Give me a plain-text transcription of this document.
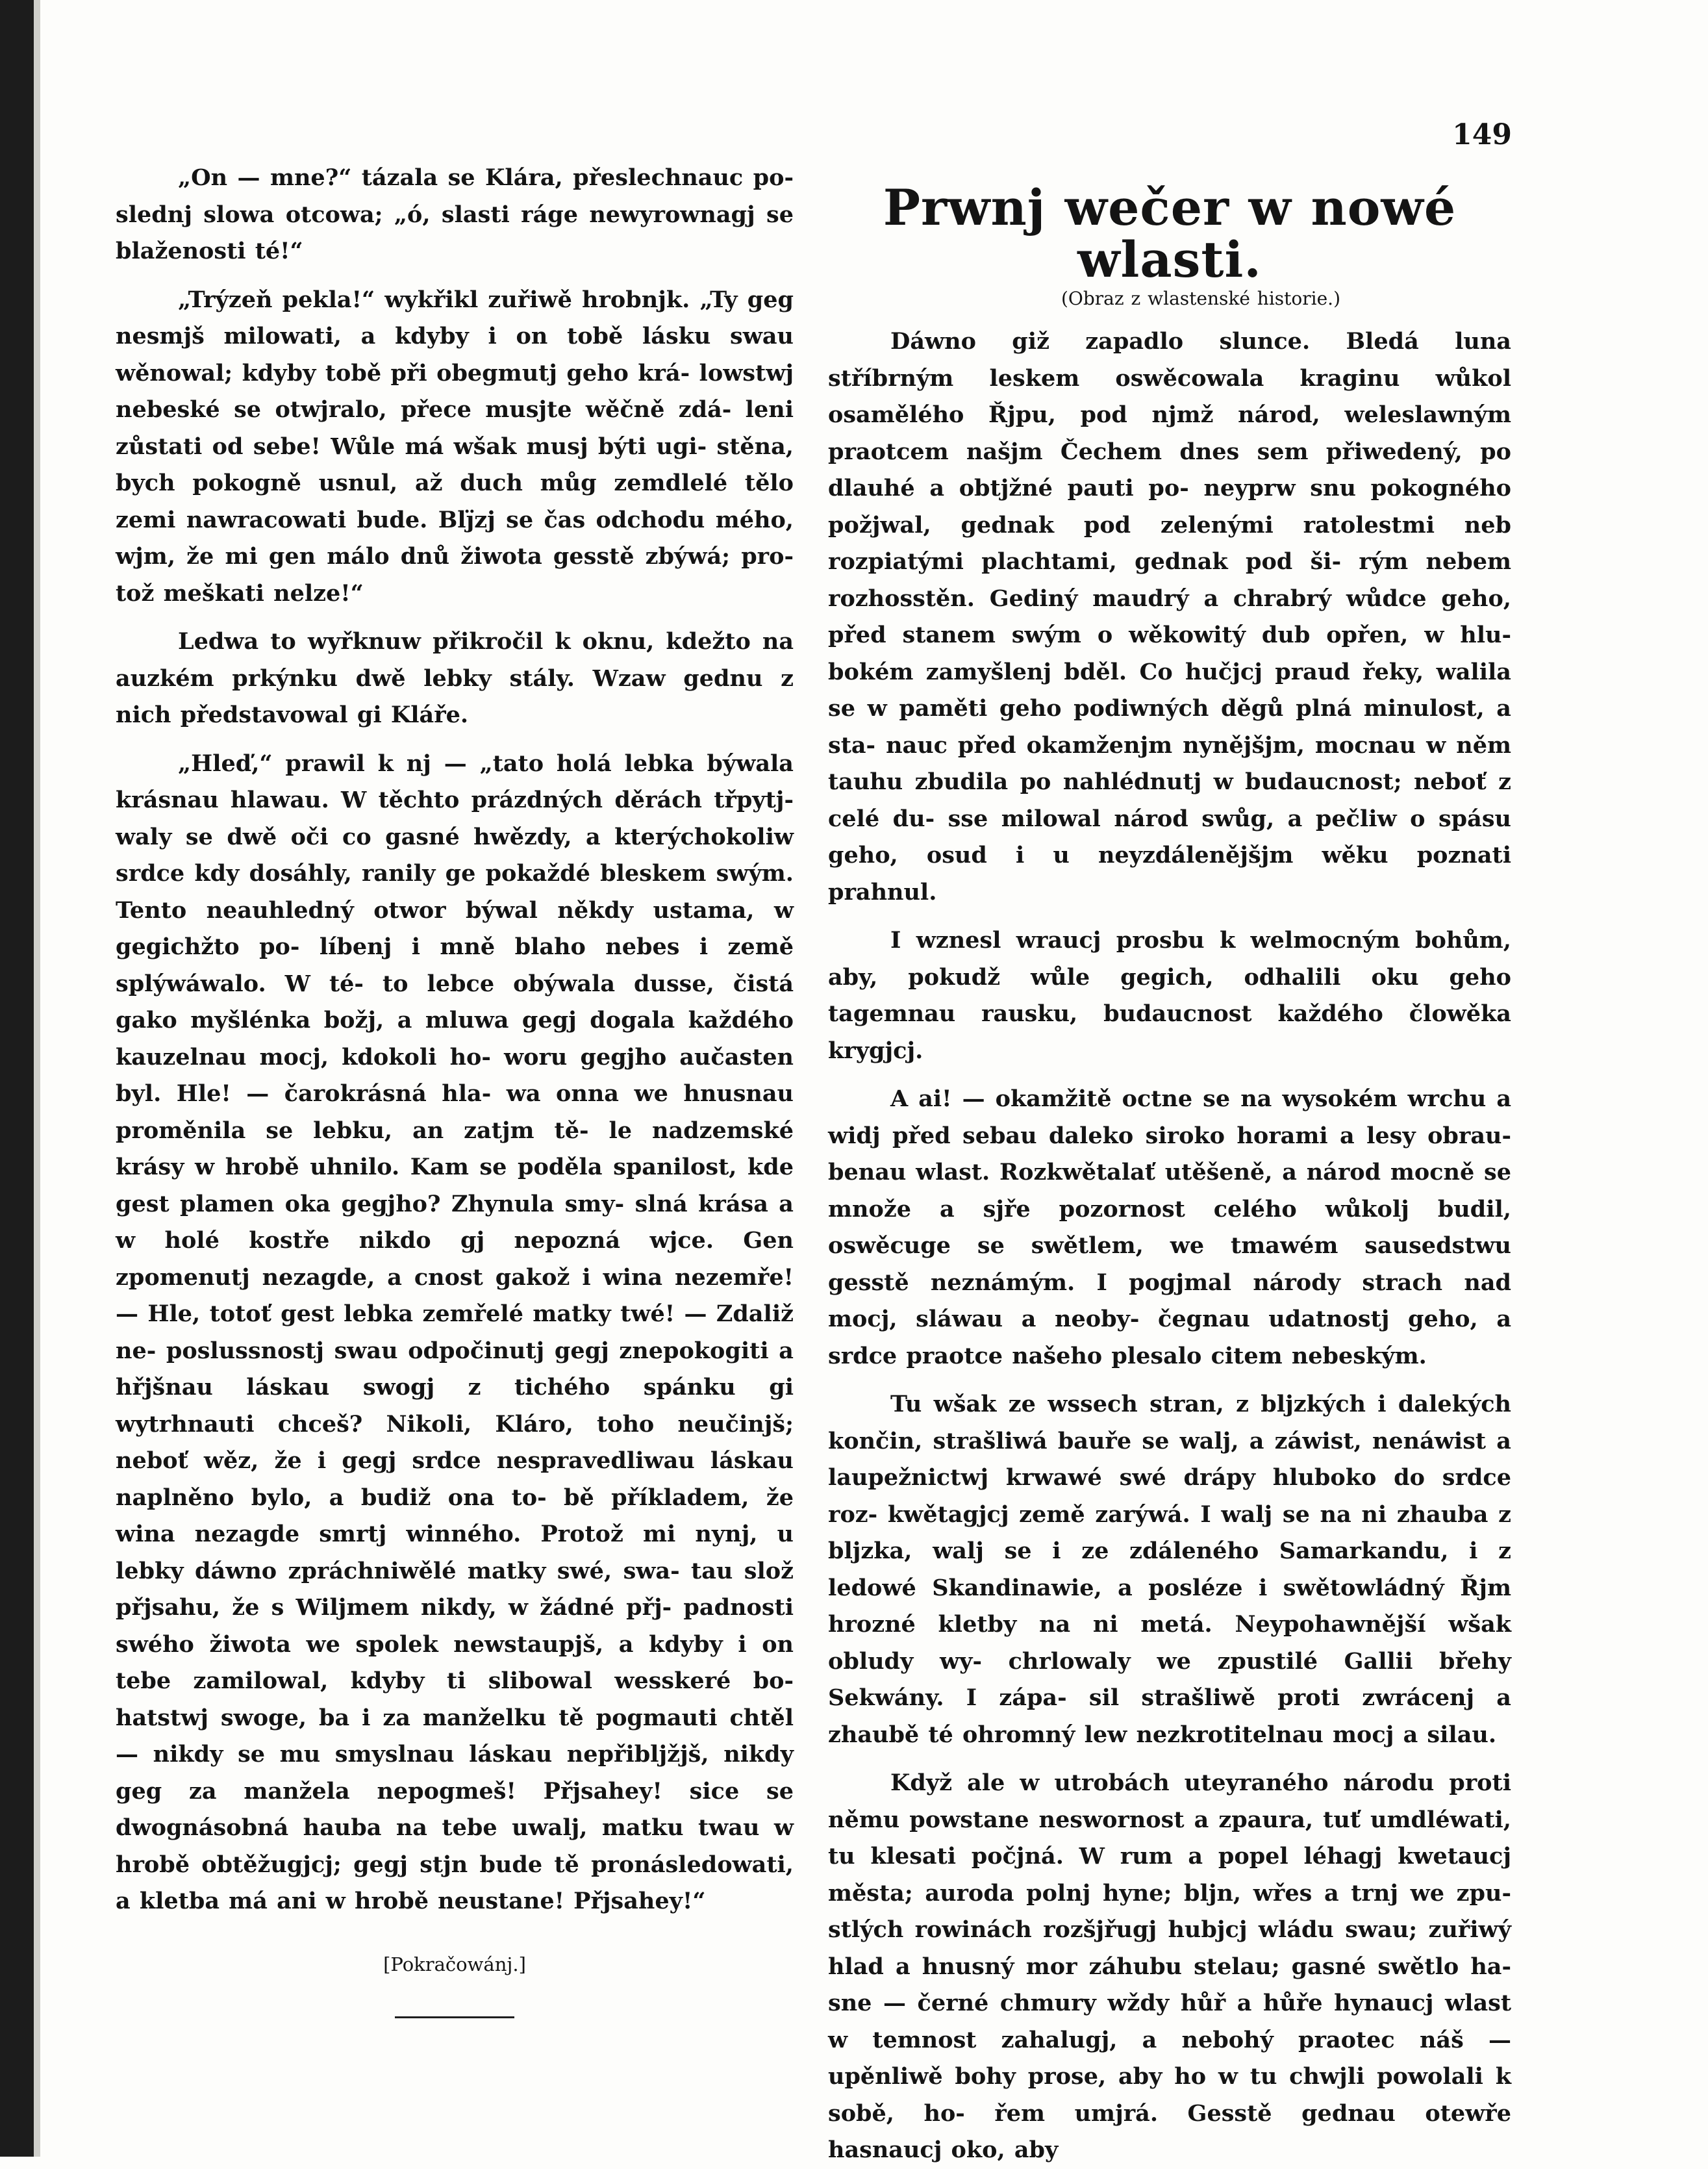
149

„On — mne?“ tázala se Klára, přeslechnauc po- slednj slowa otcowa; „ó, slasti ráge newyrownagj se blaženosti té!“

„Trýzeň pekla!“ wykřikl zuřiwě hrobnjk. „Ty geg nesmjš milowati, a kdyby i on tobě lásku swau wěnowal; kdyby tobě při obegmutj geho krá- lowstwj nebeské se otwjralo, přece musjte wěčně zdá- leni zůstati od sebe! Wůle má wšak musj býti ugi- stěna, bych pokogně usnul, až duch můg zemdlelé tělo zemi nawracowati bude. Blj̈zj se čas odchodu mého, wjm, že mi gen málo dnů žiwota gesstě zbýwá; pro- tož meškati nelze!“

Ledwa to wyřknuw přikročil k oknu, kdežto na auzkém prkýnku dwě lebky stály. Wzaw gednu z nich představowal gi Kláře.

„Hleď,“ prawil k nj — „tato holá lebka býwala krásnau hlawau. W těchto prázdných děrách třpytj- waly se dwě oči co gasné hwězdy, a kterýchokoliw srdce kdy dosáhly, ranily ge pokaždé bleskem swým. Tento neauhledný otwor býwal někdy ustama, w gegichžto po- líbenj i mně blaho nebes i země splýwáwalo. W té- to lebce obýwala dusse, čistá gako myšlénka božj, a mluwa gegj dogala každého kauzelnau mocj, kdokoli ho- woru gegjho aučasten byl. Hle! — čarokrásná hla- wa onna we hnusnau proměnila se lebku, an zatjm tě- le nadzemské krásy w hrobě uhnilo. Kam se poděla spanilost, kde gest plamen oka gegjho? Zhynula smy- slná krása a w holé kostře nikdo gj nepozná wjce. Gen zpomenutj nezagde, a cnost gakož i wina nezemře! — Hle, totoť gest lebka zemřelé matky twé! — Zdaliž ne- poslussnostj swau odpočinutj gegj znepokogiti a hřjšnau láskau swogj z tichého spánku gi wytrhnauti chceš? Nikoli, Kláro, toho neučinjš; neboť wěz, že i gegj srdce nespravedliwau láskau naplněno bylo, a budiž ona to- bě příkladem, že wina nezagde smrtj winného. Protož mi nynj, u lebky dáwno zpráchniwělé matky swé, swa- tau slož přjsahu, že s Wiljmem nikdy, w žádné přj- padnosti swého žiwota we spolek newstaupjš, a kdyby i on tebe zamilowal, kdyby ti slibowal wesskeré bo- hatstwj swoge, ba i za manželku tě pogmauti chtěl — nikdy se mu smyslnau láskau nepřibljžjš, nikdy geg za manžela nepogmeš! Přjsahey! sice se dwognásobná hauba na tebe uwalj, matku twau w hrobě obtěžugjcj; gegj stjn bude tě pronásledowati, a kletba má ani w hrobě neustane! Přjsahey!“

[Pokračowánj.]

Prwnj wečer w nowé wlasti.

(Obraz z wlastenské historie.)

Dáwno giž zapadlo slunce. Bledá luna stříbrným leskem oswěcowala kraginu wůkol osamělého Řjpu, pod njmž národ, weleslawným praotcem našjm Čechem dnes sem přiwedený, po dlauhé a obtjžné pauti po- neyprw snu pokogného požjwal, gednak pod zelenými ratolestmi neb rozpiatými plachtami, gednak pod ši- rým nebem rozhosstěn. Gediný maudrý a chrabrý wůdce geho, před stanem swým o wěkowitý dub opřen, w hlu- bokém zamyšlenj bděl. Co hučjcj praud řeky, walila se w paměti geho podiwných děgů plná minulost, a sta- nauc před okamženjm nynějšjm, mocnau w něm tauhu zbudila po nahlédnutj w budaucnost; neboť z celé du- sse milowal národ swůg, a pečliw o spásu geho, osud i u neyzdálenějšjm wěku poznati prahnul.

I wznesl wraucj prosbu k welmocným bohům, aby, pokudž wůle gegich, odhalili oku geho tagemnau rausku, budaucnost každého člowěka krygjcj.

A ai! — okamžitě octne se na wysokém wrchu a widj před sebau daleko siroko horami a lesy obrau- benau wlast. Rozkwětalať utěšeně, a národ mocně se množe a sjře pozornost celého wůkolj budil, oswěcuge se swětlem, we tmawém sausedstwu gesstě neznámým. I pogjmal národy strach nad mocj, sláwau a neoby- čegnau udatnostj geho, a srdce praotce našeho plesalo citem nebeským.

Tu wšak ze wssech stran, z bljzkých i dalekých končin, strašliwá bauře se walj, a záwist, nenáwist a laupežnictwj krwawé swé drápy hluboko do srdce roz- kwětagjcj země zarýwá. I walj se na ni zhauba z bljzka, walj se i ze zdáleného Samarkandu, i z ledowé Skandinawie, a posléze i swětowládný Řjm hrozné kletby na ni metá. Neypohawnější wšak obludy wy- chrlowaly we zpustilé Gallii břehy Sekwány. I zápa- sil strašliwě proti zwrácenj a zhaubě té ohromný lew nezkrotitelnau mocj a silau.

Když ale w utrobách uteyraného národu proti němu powstane neswornost a zpaura, tuť umdléwati, tu klesati počjná. W rum a popel léhagj kwetaucj města; auroda polnj hyne; bljn, wřes a trnj we zpu- stlých rowinách rozšjřugj hubjcj wládu swau; zuřiwý hlad a hnusný mor záhubu stelau; gasné swětlo ha- sne — černé chmury wždy hůř a hůře hynaucj wlast w temnost zahalugj, a nebohý praotec náš — upěnliwě bohy prose, aby ho w tu chwjli powolali k sobě, ho- řem umjrá. Gesstě gednau otewře hasnaucj oko, aby
